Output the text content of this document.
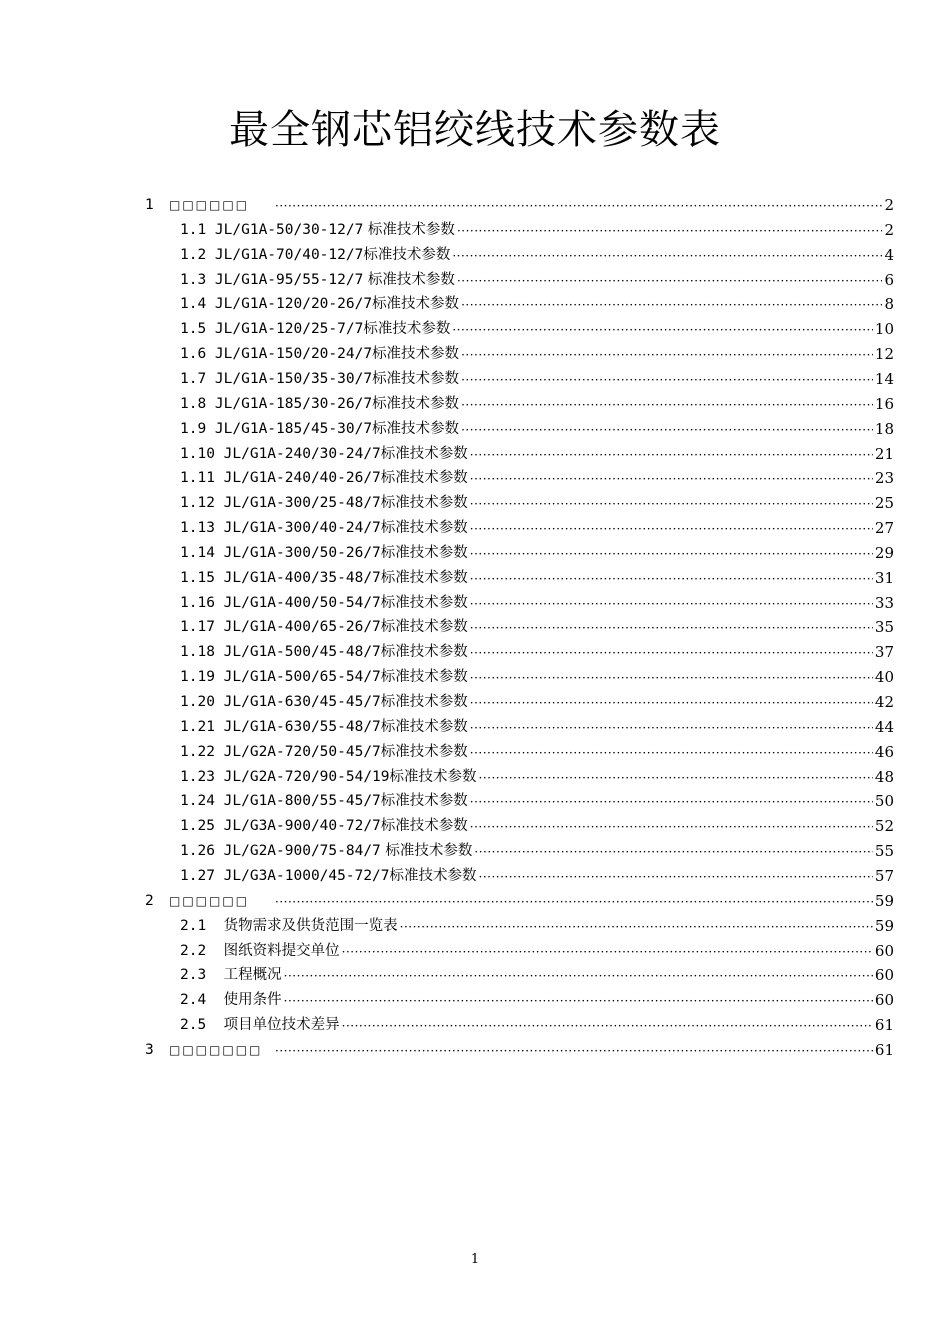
最全钢芯铝绞线技术参数表
1	□□□□□□ ·····	2
1.1 JL/G1A-50/30-12/7 标准技术参数 ·····	2
1.2 JL/G1A-70/40-12/7 标准技术参数 ·····	4
1.3 JL/G1A-95/55-12/7 标准技术参数 ·····	6
1.4 JL/G1A-120/20-26/7 标准技术参数 ·····	8
1.5 JL/G1A-120/25-7/7 标准技术参数 ·····	10
1.6 JL/G1A-150/20-24/7 标准技术参数 ·····	12
1.7 JL/G1A-150/35-30/7 标准技术参数 ·····	14
1.8 JL/G1A-185/30-26/7 标准技术参数 ·····	16
1.9 JL/G1A-185/45-30/7 标准技术参数 ·····	18
1.10 JL/G1A-240/30-24/7 标准技术参数 ·····	21
1.11 JL/G1A-240/40-26/7 标准技术参数 ·····	23
1.12 JL/G1A-300/25-48/7 标准技术参数 ·····	25
1.13 JL/G1A-300/40-24/7 标准技术参数 ·····	27
1.14 JL/G1A-300/50-26/7 标准技术参数 ·····	29
1.15 JL/G1A-400/35-48/7 标准技术参数 ·····	31
1.16 JL/G1A-400/50-54/7 标准技术参数 ·····	33
1.17 JL/G1A-400/65-26/7 标准技术参数 ·····	35
1.18 JL/G1A-500/45-48/7 标准技术参数 ·····	37
1.19 JL/G1A-500/65-54/7 标准技术参数 ·····	40
1.20 JL/G1A-630/45-45/7 标准技术参数 ·····	42
1.21 JL/G1A-630/55-48/7 标准技术参数 ·····	44
1.22 JL/G2A-720/50-45/7 标准技术参数 ·····	46
1.23 JL/G2A-720/90-54/19 标准技术参数 ·····	48
1.24 JL/G1A-800/55-45/7 标准技术参数 ·····	50
1.25 JL/G3A-900/40-72/7 标准技术参数 ·····	52
1.26 JL/G2A-900/75-84/7 标准技术参数 ·····	55
1.27 JL/G3A-1000/45-72/7 标准技术参数 ·····	57
2	□□□□□□ ·····	59
2.1 货物需求及供货范围一览表 ·····	59
2.2 图纸资料提交单位 ·····	60
2.3 工程概况 ·····	60
2.4 使用条件 ·····	60
2.5 项目单位技术差异 ·····	61
3	□□□□□□□ ·····	61
1
